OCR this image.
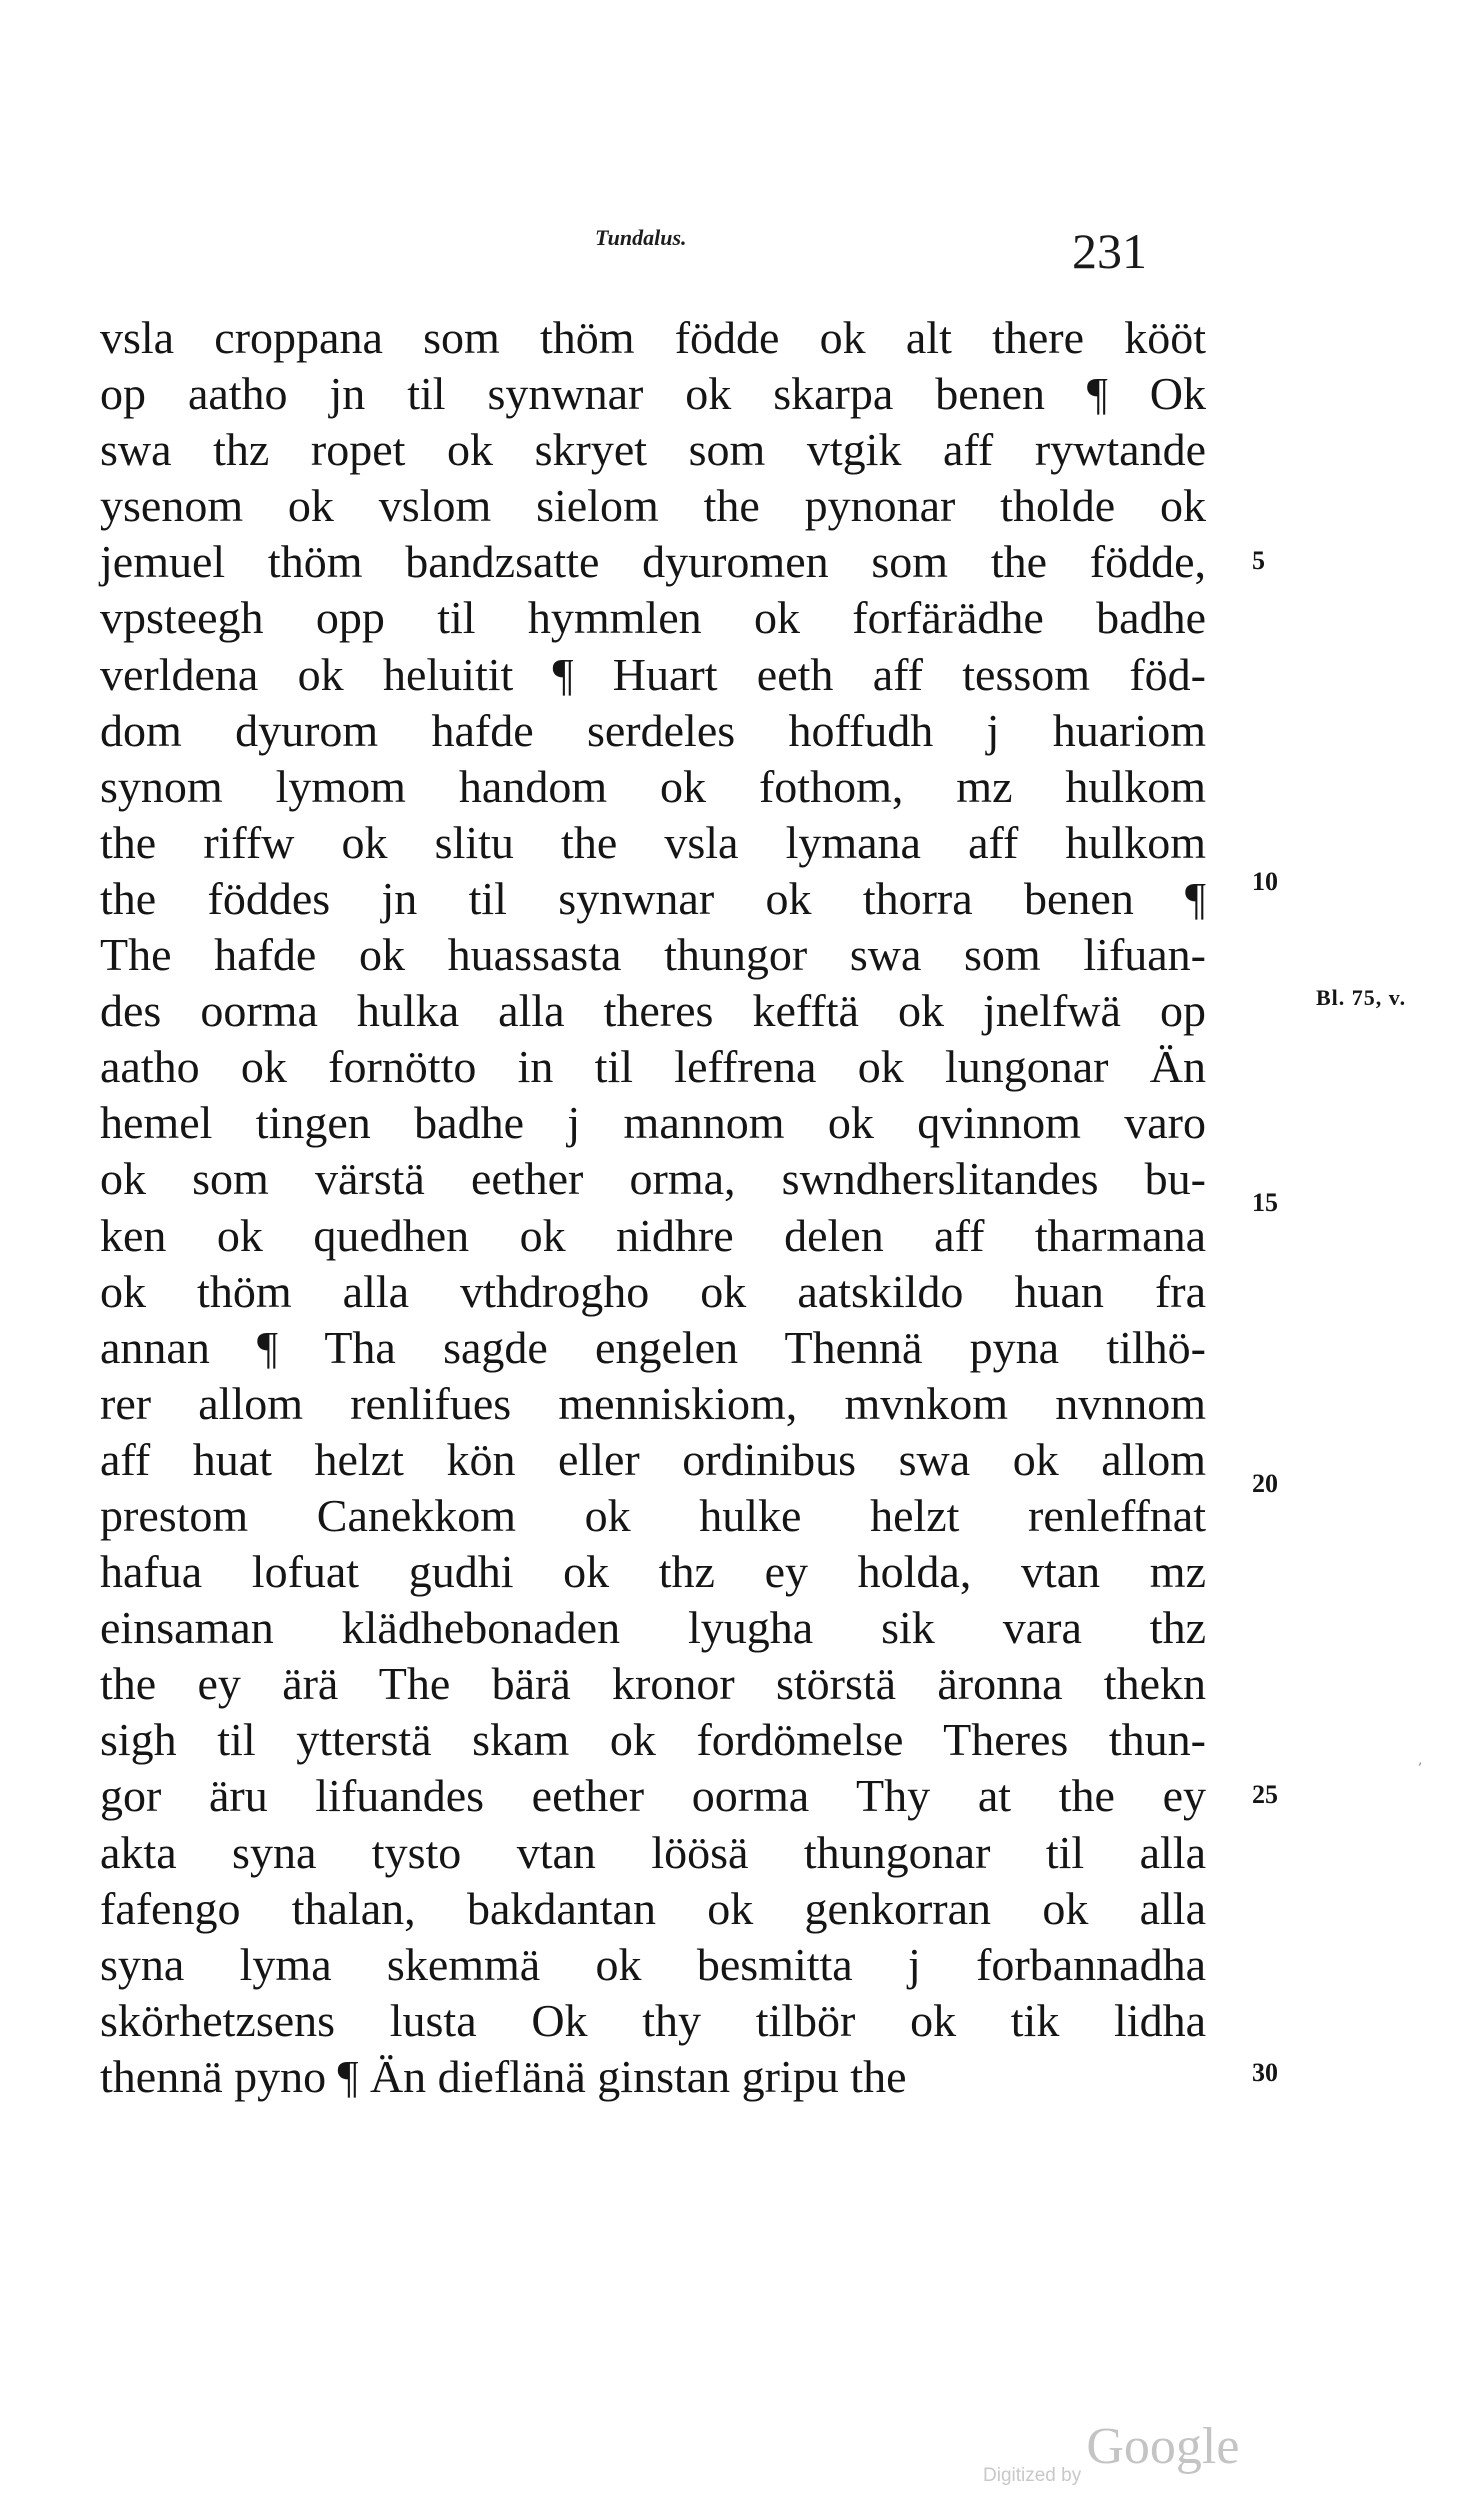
Tundalus.	231
vsla croppana som thöm födde ok alt there kööt
op aatho jn til synwnar ok skarpa benen ¶ Ok
swa thz ropet ok skryet som vtgik aff rywtande
ysenom ok vslom sielom the pynonar tholde ok
jemuel thöm bandzsatte dyuromen som the födde,
vpsteegh opp til hymmlen ok forfärädhe badhe
verldena ok heluitit ¶ Huart eeth aff tessom föd-
dom dyurom hafde serdeles hoffudh j huariom
synom lymom handom ok fothom, mz hulkom
the riffw ok slitu the vsla lymana aff hulkom
the föddes jn til synwnar ok thorra benen ¶
The hafde ok huassasta thungor swa som lifuan-
des oorma hulka alla theres kefftä ok jnelfwä op
aatho ok fornötto in til leffrena ok lungonar Än
hemel tingen badhe j mannom ok qvinnom varo
ok som värstä eether orma, swndherslitandes bu-
ken ok quedhen ok nidhre delen aff tharmana
ok thöm alla vthdrogho ok aatskildo huan fra
annan ¶ Tha sagde engelen Thennä pyna tilhö-
rer allom renlifues menniskiom, mvnkom nvnnom
aff huat helzt kön eller ordinibus swa ok allom
prestom Canekkom ok hulke helzt renleffnat
hafua lofuat gudhi ok thz ey holda, vtan mz
einsaman klädhebonaden lyugha sik vara thz
the ey ärä The bärä kronor störstä äronna thekn
sigh til ytterstä skam ok fordömelse Theres thun-
gor äru lifuandes eether oorma Thy at the ey
akta syna tysto vtan löösä thungonar til alla
fafengo thalan, bakdantan ok genkorran ok alla
syna lyma skemmä ok besmitta j forbannadha
skörhetzsens lusta Ok thy tilbör ok tik lidha
thennä pyno ¶ Än dieflänä ginstan gripu the
5
10
15
20
25
30
Bl. 75, v.
,
Digitized by Google
